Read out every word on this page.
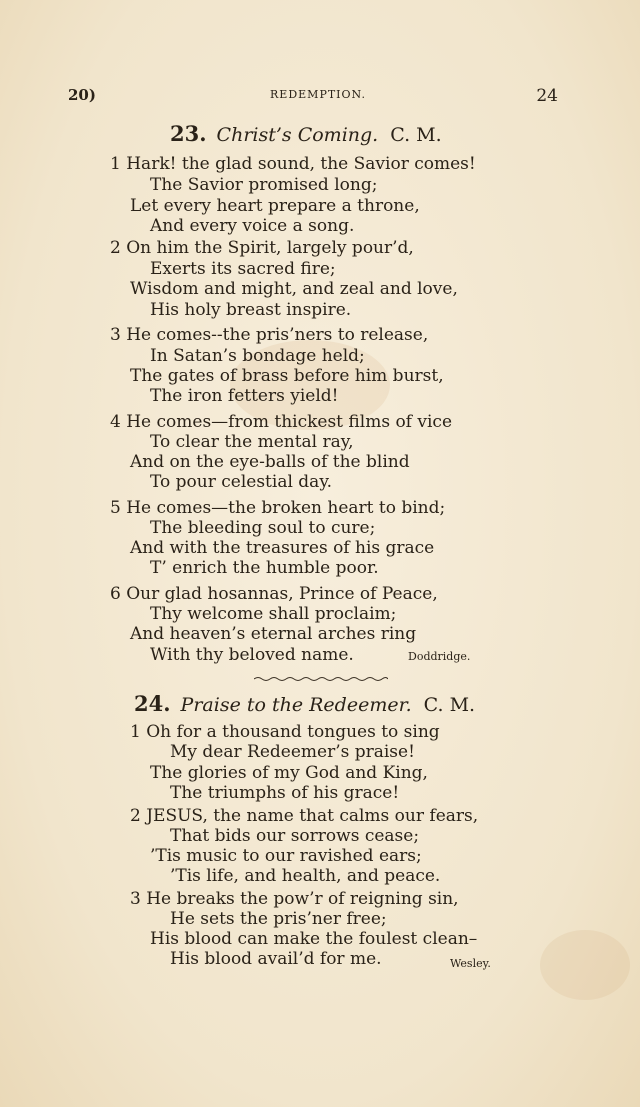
20)	REDEMPTION.	24
23. Christ’s Coming. C. M.
1 Hark! the glad sound, the Savior comes!
The Savior promised long;
Let every heart prepare a throne,
And every voice a song.
2 On him the Spirit, largely pour’d,
Exerts its sacred fire;
Wisdom and might, and zeal and love,
His holy breast inspire.
3 He comes--the pris’ners to release,
In Satan’s bondage held;
The gates of brass before him burst,
The iron fetters yield!
4 He comes—from thickest films of vice
To clear the mental ray,
And on the eye-balls of the blind
To pour celestial day.
5 He comes—the broken heart to bind;
The bleeding soul to cure;
And with the treasures of his grace
T’ enrich the humble poor.
6 Our glad hosannas, Prince of Peace,
Thy welcome shall proclaim;
And heaven’s eternal arches ring
With thy beloved name.	Doddridge.
24. Praise to the Redeemer. C. M.
1 Oh for a thousand tongues to sing
My dear Redeemer’s praise!
The glories of my God and King,
The triumphs of his grace!
2 JESUS, the name that calms our fears,
That bids our sorrows cease;
’Tis music to our ravished ears;
’Tis life, and health, and peace.
3 He breaks the pow’r of reigning sin,
He sets the pris’ner free;
His blood can make the foulest clean–
His blood avail’d for me.	Wesley.
